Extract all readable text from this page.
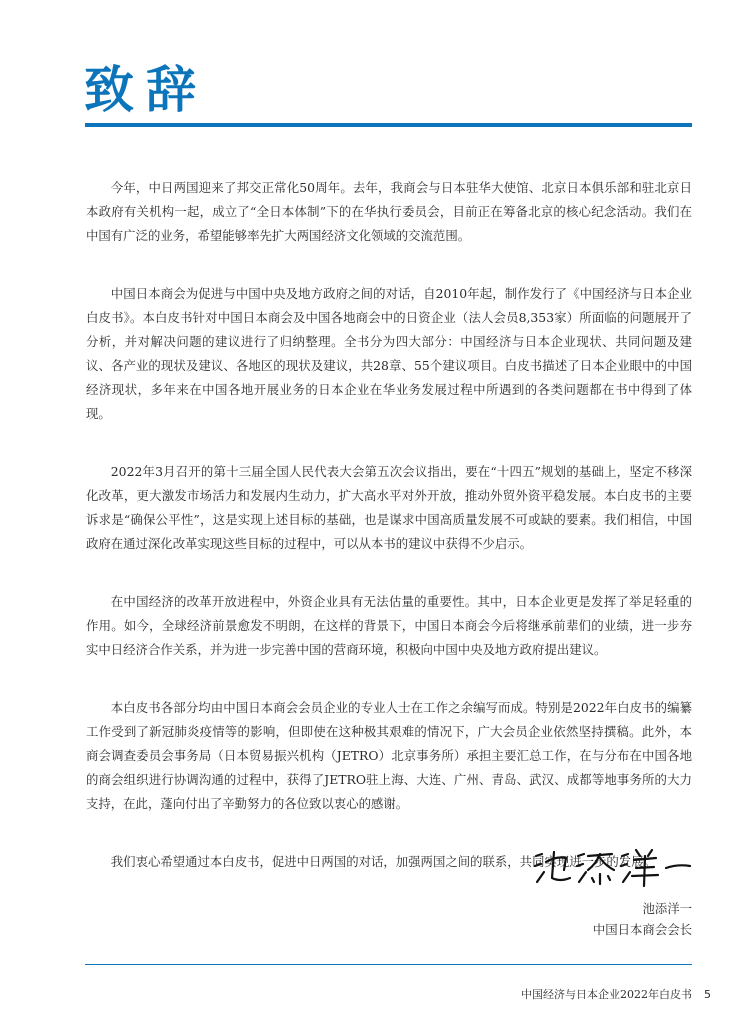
致辞

今年，中日两国迎来了邦交正常化50周年。去年，我商会与日本驻华大使馆、北京日本俱乐部和驻北京日本政府有关机构一起，成立了“全日本体制”下的在华执行委员会，目前正在筹备北京的核心纪念活动。我们在中国有广泛的业务，希望能够率先扩大两国经济文化领域的交流范围。

中国日本商会为促进与中国中央及地方政府之间的对话，自2010年起，制作发行了《中国经济与日本企业白皮书》。本白皮书针对中国日本商会及中国各地商会中的日资企业（法人会员8,353家）所面临的问题展开了分析，并对解决问题的建议进行了归纳整理。全书分为四大部分：中国经济与日本企业现状、共同问题及建议、各产业的现状及建议、各地区的现状及建议，共28章、55个建议项目。白皮书描述了日本企业眼中的中国经济现状，多年来在中国各地开展业务的日本企业在华业务发展过程中所遇到的各类问题都在书中得到了体现。

2022年3月召开的第十三届全国人民代表大会第五次会议指出，要在“十四五”规划的基础上，坚定不移深化改革，更大激发市场活力和发展内生动力，扩大高水平对外开放，推动外贸外资平稳发展。本白皮书的主要诉求是“确保公平性”，这是实现上述目标的基础，也是谋求中国高质量发展不可或缺的要素。我们相信，中国政府在通过深化改革实现这些目标的过程中，可以从本书的建议中获得不少启示。

在中国经济的改革开放进程中，外资企业具有无法估量的重要性。其中，日本企业更是发挥了举足轻重的作用。如今，全球经济前景愈发不明朗，在这样的背景下，中国日本商会今后将继承前辈们的业绩，进一步夯实中日经济合作关系，并为进一步完善中国的营商环境，积极向中国中央及地方政府提出建议。

本白皮书各部分均由中国日本商会会员企业的专业人士在工作之余编写而成。特别是2022年白皮书的编纂工作受到了新冠肺炎疫情等的影响，但即使在这种极其艰难的情况下，广大会员企业依然坚持撰稿。此外，本商会调查委员会事务局（日本贸易振兴机构（JETRO）北京事务所）承担主要汇总工作，在与分布在中国各地的商会组织进行协调沟通的过程中，获得了JETRO驻上海、大连、广州、青岛、武汉、成都等地事务所的大力支持，在此，蓬向付出了辛勤努力的各位致以衷心的感谢。

我们衷心希望通过本白皮书，促进中日两国的对话，加强两国之间的联系，共同实现进一步的发展。

池添洋一
中国日本商会会长
中国经济与日本企业2022年白皮书 5
